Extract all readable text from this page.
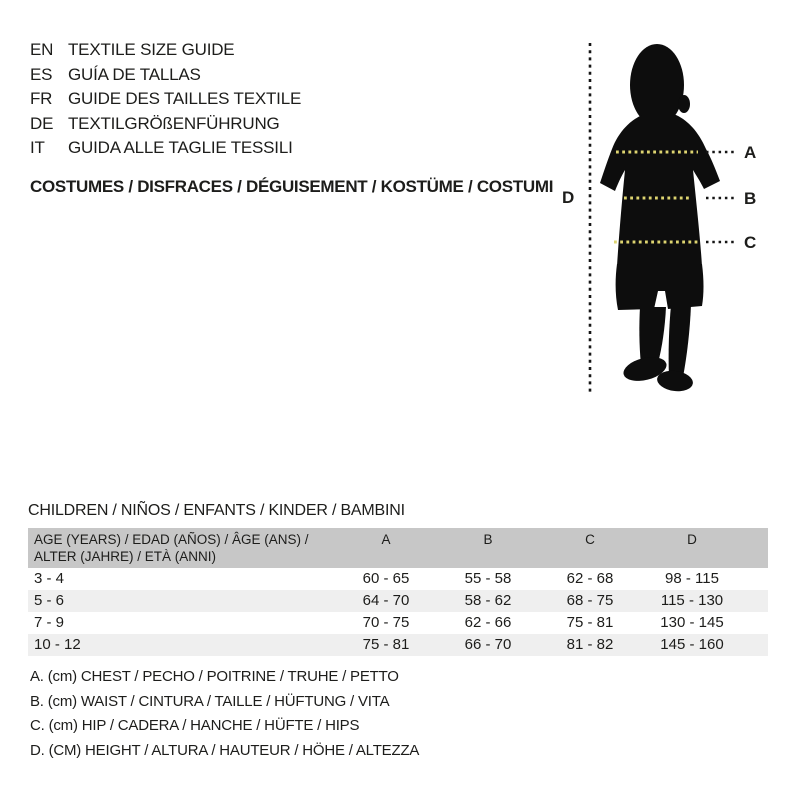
EN TEXTILE SIZE GUIDE
ES GUÍA DE TALLAS
FR GUIDE DES TAILLES TEXTILE
DE TEXTILGRÖßENFÜHRUNG
IT GUIDA ALLE TAGLIE TESSILI
COSTUMES / DISFRACES / DÉGUISEMENT / KOSTÜME / COSTUMI
A
B
C
D
CHILDREN / NIÑOS / ENFANTS / KINDER / BAMBINI
AGE (YEARS) / EDAD (AÑOS) / ÂGE (ANS) /
ALTER (JAHRE) / ETÀ (ANNI)
A	B	C	D
3 - 4	60 - 65	55 - 58	62 - 68	98 - 115
5 - 6	64 - 70	58 - 62	68 - 75	115 - 130
7 - 9	70 - 75	62 - 66	75 - 81	130 - 145
10 - 12	75 - 81	66 - 70	81 - 82	145 - 160
A. (cm) CHEST / PECHO / POITRINE / TRUHE / PETTO
B. (cm) WAIST / CINTURA / TAILLE / HÜFTUNG / VITA
C. (cm) HIP / CADERA / HANCHE / HÜFTE / HIPS
D. (CM) HEIGHT / ALTURA / HAUTEUR / HÖHE / ALTEZZA
